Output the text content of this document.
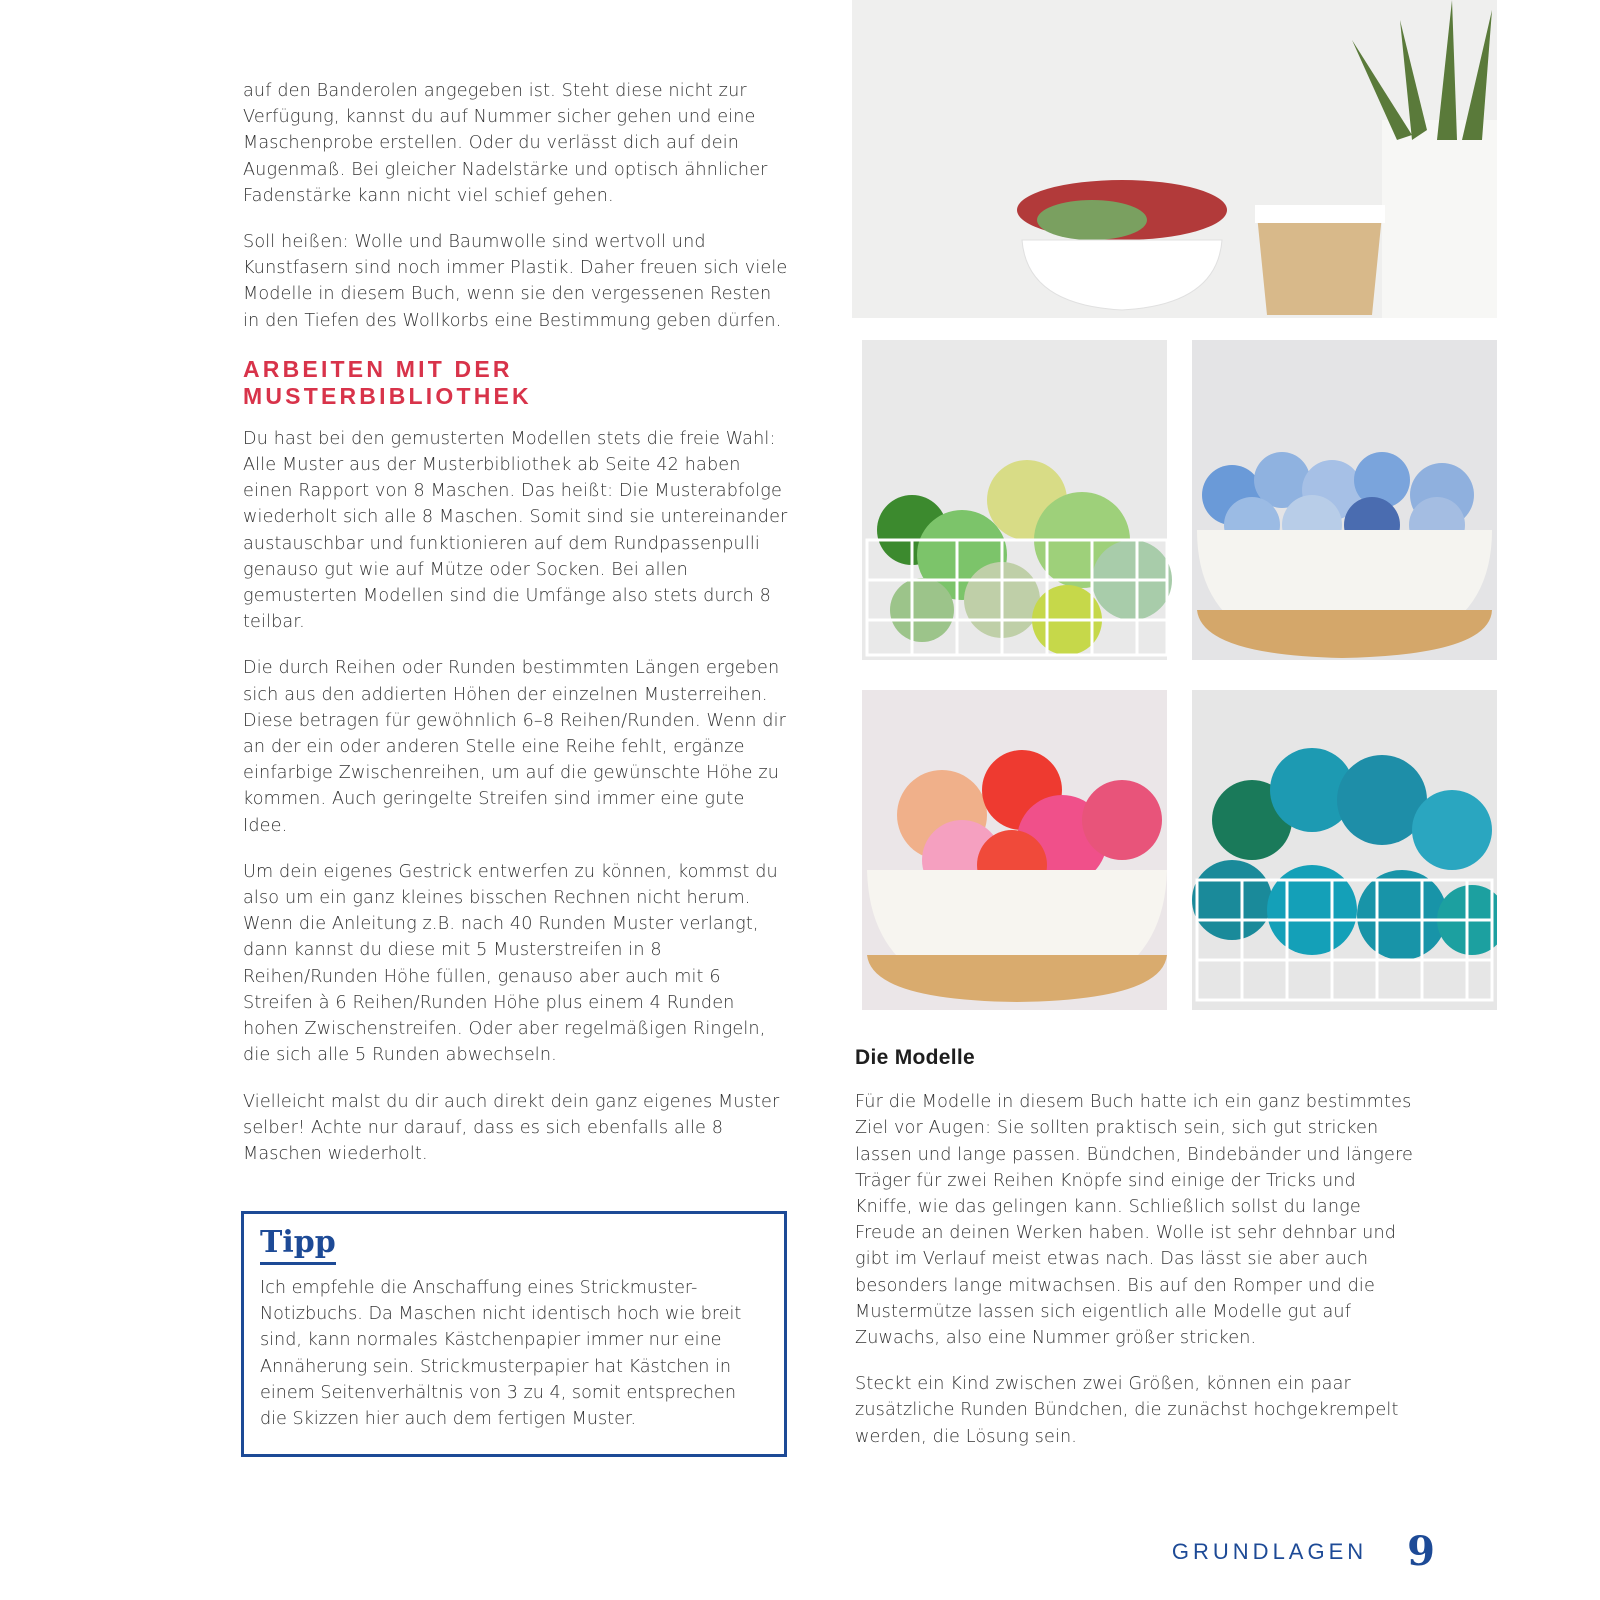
auf den Banderolen angegeben ist. Steht diese nicht zur Verfügung, kannst du auf Nummer sicher gehen und eine Maschenprobe erstellen. Oder du verlässt dich auf dein Augenmaß. Bei gleicher Nadelstärke und optisch ähnlicher Fadenstärke kann nicht viel schief gehen.

Soll heißen: Wolle und Baumwolle sind wertvoll und Kunstfasern sind noch immer Plastik. Daher freuen sich viele Modelle in diesem Buch, wenn sie den vergessenen Resten in den Tiefen des Wollkorbs eine Bestimmung geben dürfen.

ARBEITEN MIT DER
MUSTERBIBLIOTHEK

Du hast bei den gemusterten Modellen stets die freie Wahl: Alle Muster aus der Musterbibliothek ab Seite 42 haben einen Rapport von 8 Maschen. Das heißt: Die Musterabfolge wiederholt sich alle 8 Maschen. Somit sind sie untereinander austauschbar und funktionieren auf dem Rundpassenpulli genauso gut wie auf Mütze oder Socken. Bei allen gemusterten Modellen sind die Umfänge also stets durch 8 teilbar.

Die durch Reihen oder Runden bestimmten Längen ergeben sich aus den addierten Höhen der einzelnen Musterreihen. Diese betragen für gewöhnlich 6–8 Reihen/Runden. Wenn dir an der ein oder anderen Stelle eine Reihe fehlt, ergänze einfarbige Zwischenreihen, um auf die gewünschte Höhe zu kommen. Auch geringelte Streifen sind immer eine gute Idee.

Um dein eigenes Gestrick entwerfen zu können, kommst du also um ein ganz kleines bisschen Rechnen nicht herum. Wenn die Anleitung z.B. nach 40 Runden Muster verlangt, dann kannst du diese mit 5 Musterstreifen in 8 Reihen/Runden Höhe füllen, genauso aber auch mit 6 Streifen à 6 Reihen/Runden Höhe plus einem 4 Runden hohen Zwischenstreifen. Oder aber regelmäßigen Ringeln, die sich alle 5 Runden abwechseln.

Vielleicht malst du dir auch direkt dein ganz eigenes Muster selber! Achte nur darauf, dass es sich ebenfalls alle 8 Maschen wiederholt.

Tipp
Ich empfehle die Anschaffung eines Strickmuster-Notizbuchs. Da Maschen nicht identisch hoch wie breit sind, kann normales Kästchenpapier immer nur eine Annäherung sein. Strickmusterpapier hat Kästchen in einem Seitenverhältnis von 3 zu 4, somit entsprechen die Skizzen hier auch dem fertigen Muster.
Die Modelle

Für die Modelle in diesem Buch hatte ich ein ganz bestimmtes Ziel vor Augen: Sie sollten praktisch sein, sich gut stricken lassen und lange passen. Bündchen, Bindebänder und längere Träger für zwei Reihen Knöpfe sind einige der Tricks und Kniffe, wie das gelingen kann. Schließlich sollst du lange Freude an deinen Werken haben. Wolle ist sehr dehnbar und gibt im Verlauf meist etwas nach. Das lässt sie aber auch besonders lange mitwachsen. Bis auf den Romper und die Mustermütze lassen sich eigentlich alle Modelle gut auf Zuwachs, also eine Nummer größer stricken.

Steckt ein Kind zwischen zwei Größen, können ein paar zusätzliche Runden Bündchen, die zunächst hochgekrempelt werden, die Lösung sein.

GRUNDLAGEN 9
